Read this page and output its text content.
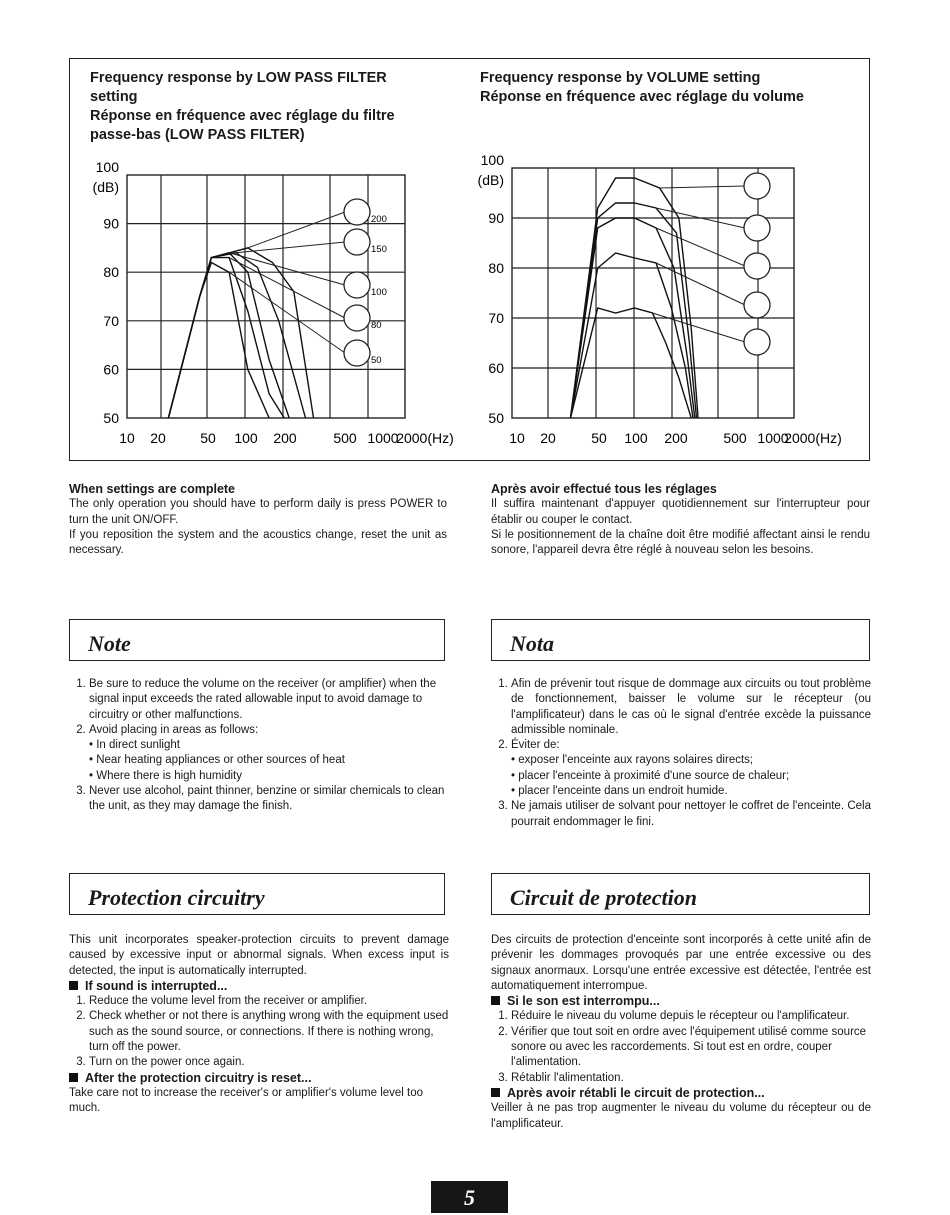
Frequency response by LOW PASS FILTER
setting
Réponse en fréquence avec réglage du filtre
passe-bas (LOW PASS FILTER)
Frequency response by VOLUME setting
Réponse en fréquence avec réglage du volume
100
90
80
70
60
50
(dB)
10 20 50 100 200	500 1000
2000(Hz)
200
150
100
80
50
100
90
80
70
60
50
(dB)
10 20	50 100 200	500 1000
2000(Hz)

When settings are complete

The only operation you should have to perform daily is press POWER to turn the unit ON/OFF.

If you reposition the system and the acoustics change, reset the unit as necessary.

Après avoir effectué tous les réglages

Il suffira maintenant d'appuyer quotidiennement sur l'interrupteur pour établir ou couper le contact.

Si le positionnement de la chaîne doit être modifié affectant ainsi le rendu sonore, l'appareil devra être réglé à nouveau selon les besoins.

Note
1. Be sure to reduce the volume on the receiver (or amplifier) when the signal input exceeds the rated allowable input to avoid damage to circuitry or other malfunctions.
2. Avoid placing in areas as follows:
• In direct sunlight
• Near heating appliances or other sources of heat
• Where there is high humidity
3. Never use alcohol, paint thinner, benzine or similar chemicals to clean the unit, as they may damage the finish.
Nota
1. Afin de prévenir tout risque de dommage aux circuits ou tout problème de fonctionnement, baisser le volume sur le récepteur (ou l'amplificateur) dans le cas où le signal d'entrée excède la puissance admissible nominale.
2. Éviter de:
• exposer l'enceinte aux rayons solaires directs;
• placer l'enceinte à proximité d'une source de chaleur;
• placer l'enceinte dans un endroit humide.
3. Ne jamais utiliser de solvant pour nettoyer le coffret de l'enceinte. Cela pourrait endommager le fini.
Protection circuitry

This unit incorporates speaker-protection circuits to prevent damage caused by excessive input or abnormal signals. When excess input is detected, the input is automatically interrupted.

If sound is interrupted...

1. Reduce the volume level from the receiver or amplifier.
2. Check whether or not there is anything wrong with the equipment used such as the sound source, or connections. If there is nothing wrong, turn off the power.
3. Turn on the power once again.

After the protection circuitry is reset...

Take care not to increase the receiver's or amplifier's volume level too much.

Circuit de protection

Des circuits de protection d'enceinte sont incorporés à cette unité afin de prévenir les dommages provoqués par une entrée excessive ou des signaux anormaux. Lorsqu'une entrée excessive est détectée, l'entrée est automatiquement interrompue.

Si le son est interrompu...

1. Réduire le niveau du volume depuis le récepteur ou l'amplificateur.
2. Vérifier que tout soit en ordre avec l'équipement utilisé comme source sonore ou avec les raccordements. Si tout est en ordre, couper l'alimentation.
3. Rétablir l'alimentation.

Après avoir rétabli le circuit de protection...

Veiller à ne pas trop augmenter le niveau du volume du récepteur ou de l'amplificateur.

5
